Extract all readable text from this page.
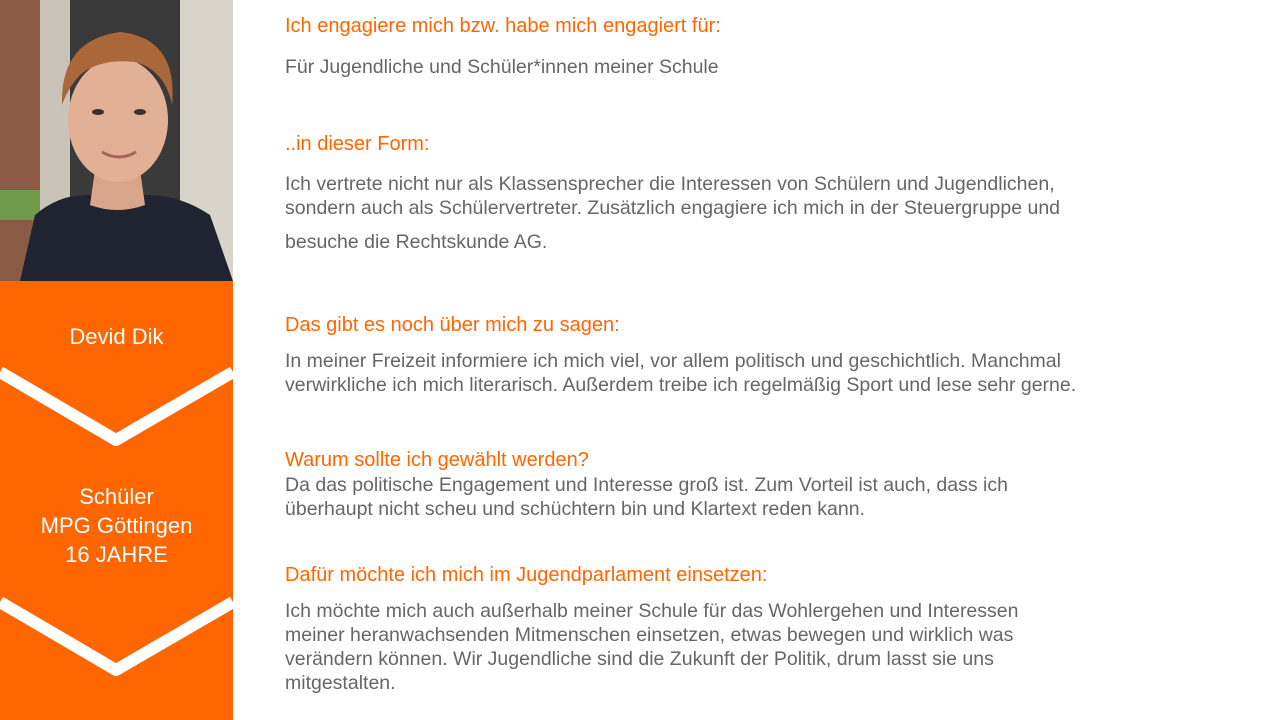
Devid Dik
Schüler
MPG Göttingen
16 JAHRE
Ich engagiere mich bzw. habe mich engagiert für:
Für Jugendliche und Schüler*innen meiner Schule
..in dieser Form:
Ich vertrete nicht nur als Klassensprecher die Interessen von Schülern und Jugendlichen,
sondern auch als Schülervertreter. Zusätzlich engagiere ich mich in der Steuergruppe und
besuche die Rechtskunde AG.
Das gibt es noch über mich zu sagen:
In meiner Freizeit informiere ich mich viel, vor allem politisch und geschichtlich. Manchmal
verwirkliche ich mich literarisch. Außerdem treibe ich regelmäßig Sport und lese sehr gerne.
Warum sollte ich gewählt werden?
Da das politische Engagement und Interesse groß ist. Zum Vorteil ist auch, dass ich
überhaupt nicht scheu und schüchtern bin und Klartext reden kann.
Dafür möchte ich mich im Jugendparlament einsetzen:
Ich möchte mich auch außerhalb meiner Schule für das Wohlergehen und Interessen
meiner heranwachsenden Mitmenschen einsetzen, etwas bewegen und wirklich was
verändern können. Wir Jugendliche sind die Zukunft der Politik, drum lasst sie uns
mitgestalten.
